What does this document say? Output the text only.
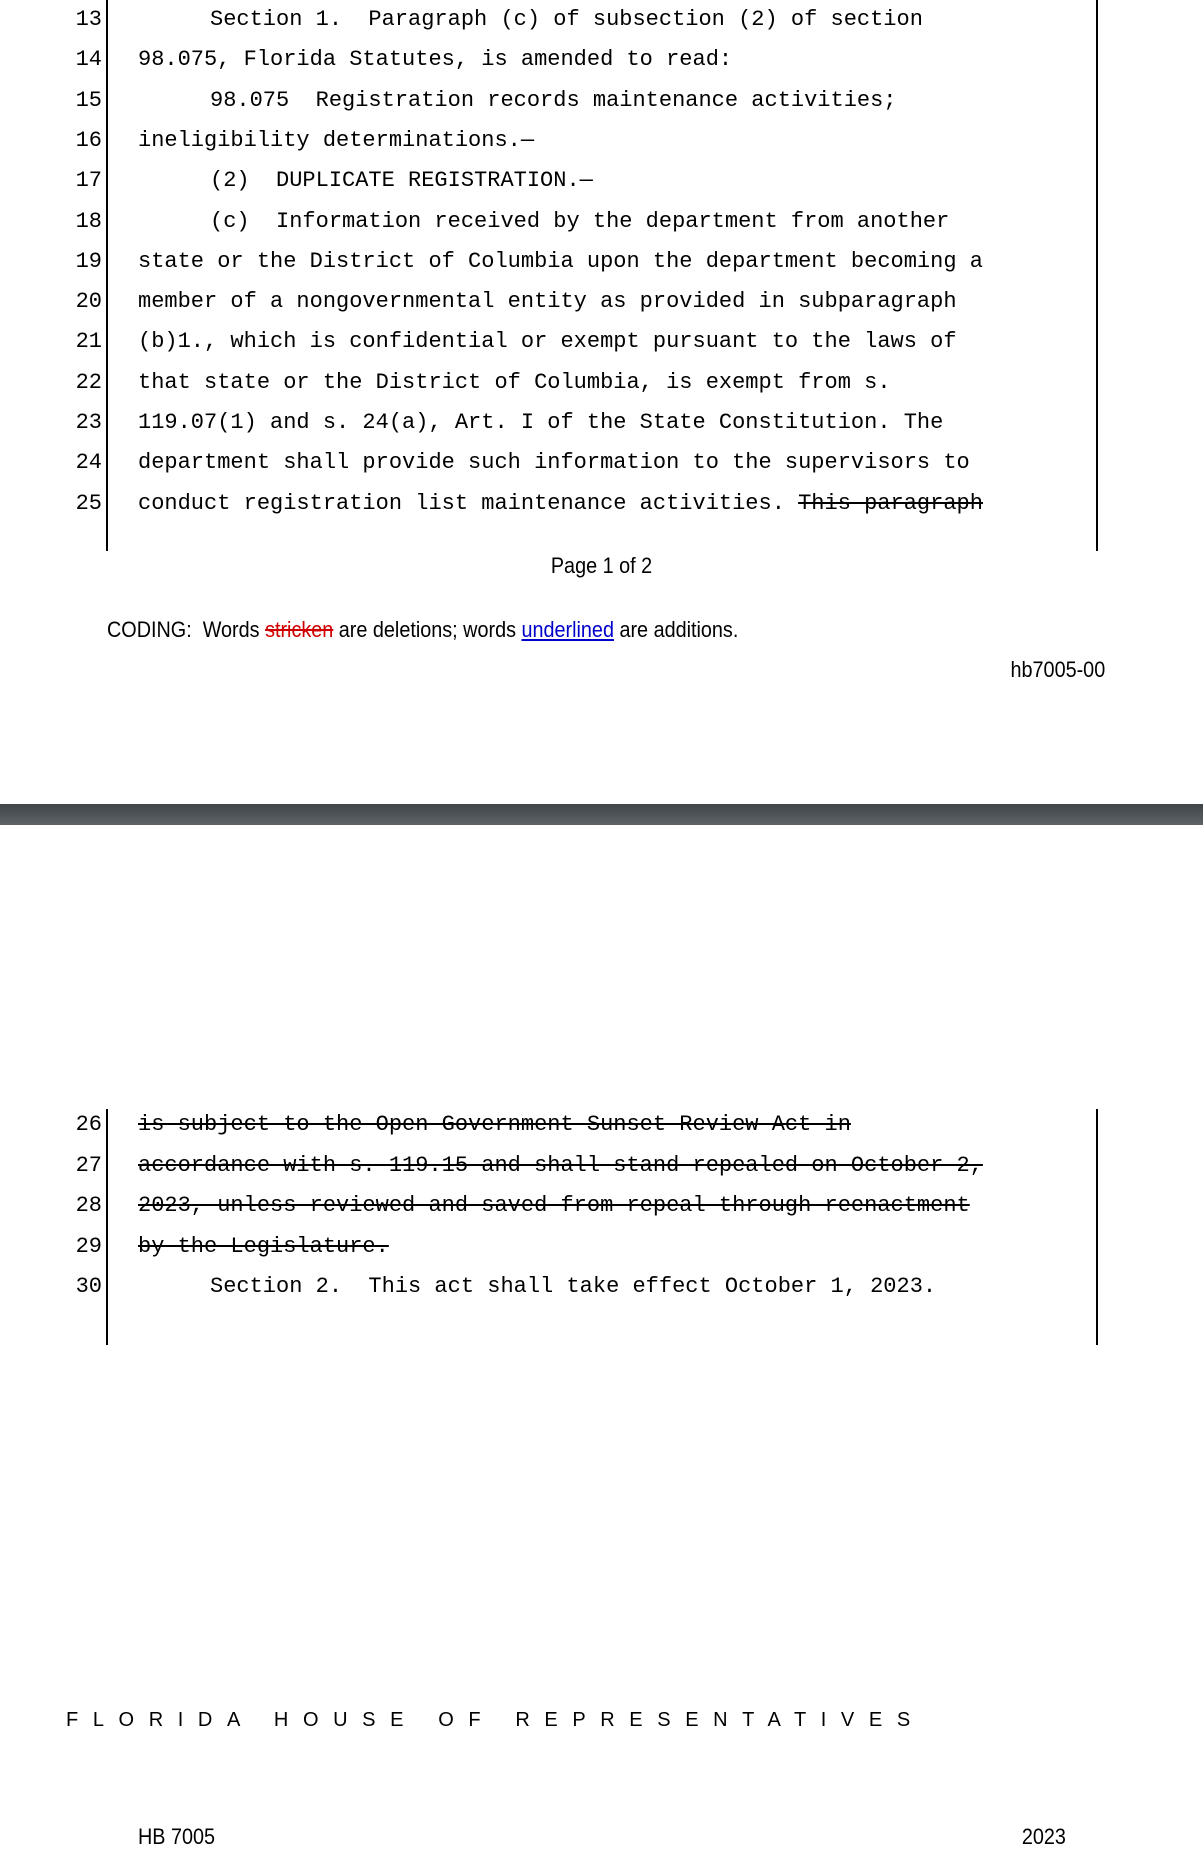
13	Section 1.  Paragraph (c) of subsection (2) of section
14 98.075, Florida Statutes, is amended to read:
15	98.075  Registration records maintenance activities;
16 ineligibility determinations.—
17	(2)  DUPLICATE REGISTRATION.—
18	(c)  Information received by the department from another
19 state or the District of Columbia upon the department becoming a
20 member of a nongovernmental entity as provided in subparagraph
21 (b)1., which is confidential or exempt pursuant to the laws of
22 that state or the District of Columbia, is exempt from s.
23 119.07(1) and s. 24(a), Art. I of the State Constitution. The
24 department shall provide such information to the supervisors to
25 conduct registration list maintenance activities. This paragraph
Page 1 of 2
CODING:  Words stricken are deletions; words underlined are additions.
hb7005-00
FLORIDA HOUSE OF REPRESENTATIVES
HB 7005	2023
26 is subject to the Open Government Sunset Review Act in
27 accordance with s. 119.15 and shall stand repealed on October 2,
28 2023, unless reviewed and saved from repeal through reenactment
29 by the Legislature.
30	Section 2.  This act shall take effect October 1, 2023.
